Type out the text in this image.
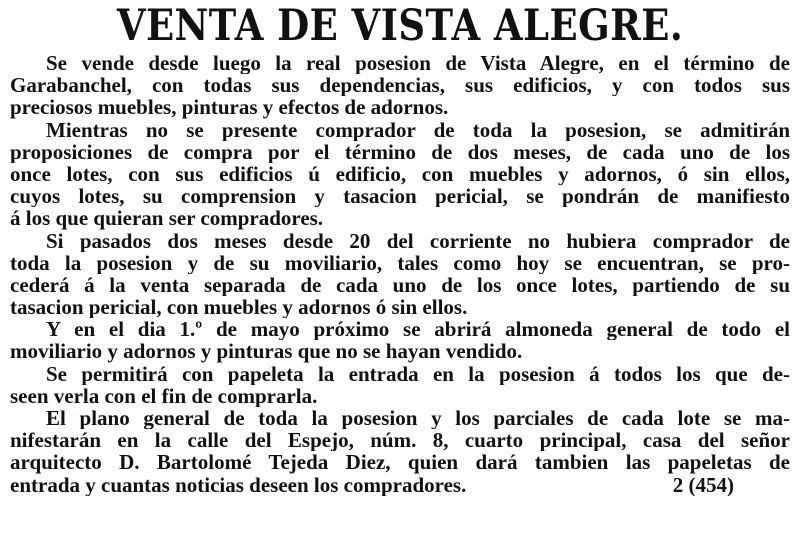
VENTA DE VISTA ALEGRE.
Se vende desde luego la real posesion de Vista Alegre, en el término de
Garabanchel, con todas sus dependencias, sus edificios, y con todos sus
preciosos muebles, pinturas y efectos de adornos.
Mientras no se presente comprador de toda la posesion, se admitirán
proposiciones de compra por el término de dos meses, de cada uno de los
once lotes, con sus edificios ú edificio, con muebles y adornos, ó sin ellos,
cuyos lotes, su comprension y tasacion pericial, se pondrán de manifiesto
á los que quieran ser compradores.
Si pasados dos meses desde 20 del corriente no hubiera comprador de
toda la posesion y de su moviliario, tales como hoy se encuentran, se pro-
cederá á la venta separada de cada uno de los once lotes, partiendo de su
tasacion pericial, con muebles y adornos ó sin ellos.
Y en el dia 1.º de mayo próximo se abrirá almoneda general de todo el
moviliario y adornos y pinturas que no se hayan vendido.
Se permitirá con papeleta la entrada en la posesion á todos los que de-
seen verla con el fin de comprarla.
El plano general de toda la posesion y los parciales de cada lote se ma-
nifestarán en la calle del Espejo, núm. 8, cuarto principal, casa del señor
arquitecto D. Bartolomé Tejeda Diez, quien dará tambien las papeletas de
entrada y cuantas noticias deseen los compradores.	2 (454)
